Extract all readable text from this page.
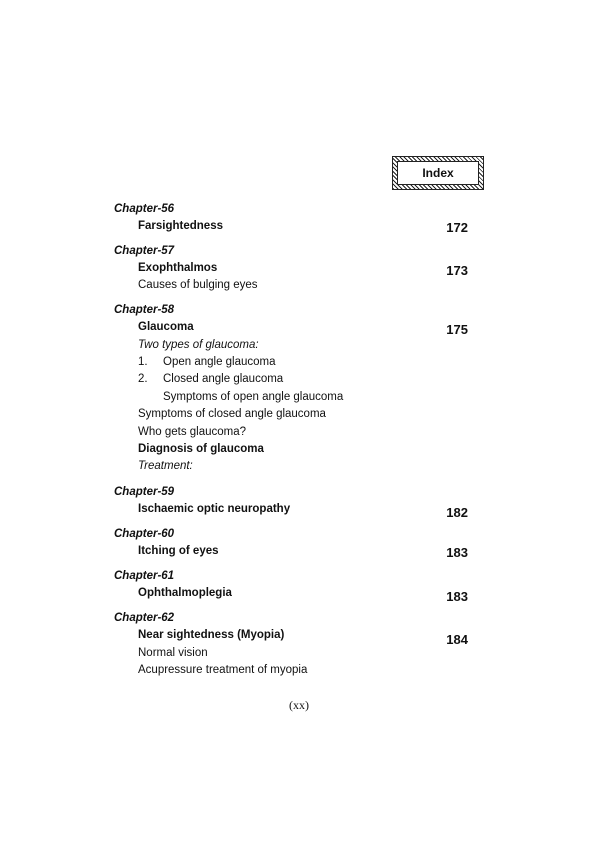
Index
Chapter-56
Farsightedness	172
Chapter-57
Exophthalmos	173
Causes of bulging eyes
Chapter-58
Glaucoma	175
Two types of glaucoma:
1. Open angle glaucoma
2. Closed angle glaucoma
Symptoms of open angle glaucoma
Symptoms of closed angle glaucoma
Who gets glaucoma?
Diagnosis of glaucoma
Treatment:
Chapter-59
Ischaemic optic neuropathy	182
Chapter-60
Itching of eyes	183
Chapter-61
Ophthalmoplegia	183
Chapter-62
Near sightedness (Myopia)	184
Normal vision
Acupressure treatment of myopia
(xx)
